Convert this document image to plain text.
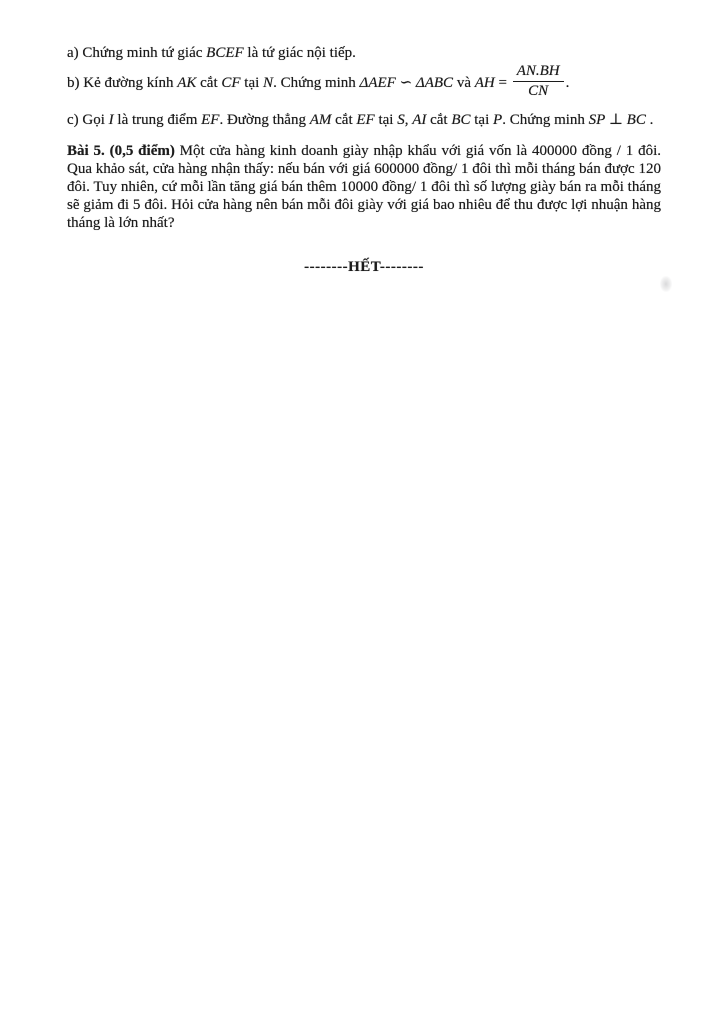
a) Chứng minh tứ giác BCEF là tứ giác nội tiếp.

b) Kẻ đường kính AK cắt CF tại N. Chứng minh ΔAEF ∽ ΔABC và AH = $\frac{AN.BH}{CN}$ .

c) Gọi I là trung điểm EF. Đường thẳng AM cắt EF tại S, AI cắt BC tại P. Chứng minh SP ⊥ BC .

Bài 5. (0,5 điểm) Một cửa hàng kinh doanh giày nhập khẩu với giá vốn là 400000 đồng / 1 đôi. Qua khảo sát, cửa hàng nhận thấy: nếu bán với giá 600000 đồng/ 1 đôi thì mỗi tháng bán được 120 đôi. Tuy nhiên, cứ mỗi lần tăng giá bán thêm 10000 đồng/ 1 đôi thì số lượng giày bán ra mỗi tháng sẽ giảm đi 5 đôi. Hỏi cửa hàng nên bán mỗi đôi giày với giá bao nhiêu để thu được lợi nhuận hàng tháng là lớn nhất?

--------HẾT--------
